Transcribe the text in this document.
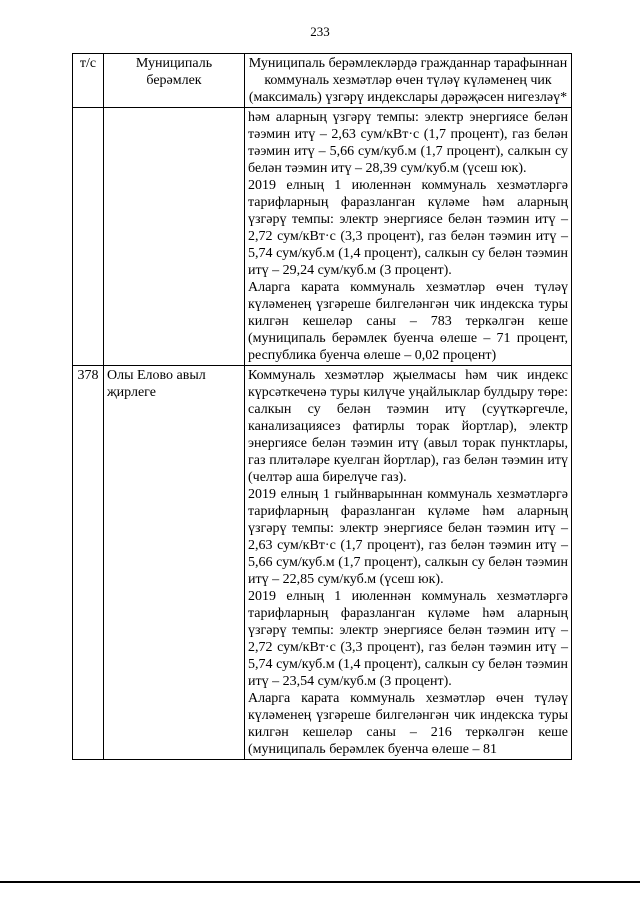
233
т/с	Муниципаль берәмлек	Муниципаль берәмлекләрдә гражданнар тарафыннан коммуналь хезмәтләр өчен түләү күләменең чик (максималь) үзгәрү индекслары дәрәҗәсен нигезләү*

		һәм аларның үзгәрү темпы: электр энергиясе белән тәэмин итү – 2,63 сум/кВт·с (1,7 процент), газ белән тәэмин итү – 5,66 сум/куб.м (1,7 процент), салкын су белән тәэмин итү – 28,39 сум/куб.м (үсеш юк).

2019 елның 1 июленнән коммуналь хезмәтләргә тарифларның фаразланган күләме һәм аларның үзгәрү темпы: электр энергиясе белән тәэмин итү – 2,72 сум/кВт·с (3,3 процент), газ белән тәэмин итү – 5,74 сум/куб.м (1,4 процент), салкын су белән тәэмин итү – 29,24 сум/куб.м (3 процент).

Аларга карата коммуналь хезмәтләр өчен түләү күләменең үзгәреше билгеләнгән чик индекска туры килгән кешеләр саны – 783 теркәлгән кеше (муниципаль берәмлек буенча өлеше – 71 процент, республика буенча өлеше – 0,02 процент)

378	Олы Елово авыл җирлеге	Коммуналь хезмәтләр җыелмасы һәм чик индекс күрсәткеченә туры килүче уңайлыклар булдыру төре: салкын су белән тәэмин итү (суүткәргечле, канализациясез фатирлы торак йортлар), электр энергиясе белән тәэмин итү (авыл торак пунктлары, газ плитәләре куелган йортлар), газ белән тәэмин итү (челтәр аша бирелүче газ).

2019 елның 1 гыйнварыннан коммуналь хезмәтләргә тарифларның фаразланган күләме һәм аларның үзгәрү темпы: электр энергиясе белән тәэмин итү – 2,63 сум/кВт·с (1,7 процент), газ белән тәэмин итү – 5,66 сум/куб.м (1,7 процент), салкын су белән тәэмин итү – 22,85 сум/куб.м (үсеш юк).

2019 елның 1 июленнән коммуналь хезмәтләргә тарифларның фаразланган күләме һәм аларның үзгәрү темпы: электр энергиясе белән тәэмин итү – 2,72 сум/кВт·с (3,3 процент), газ белән тәэмин итү – 5,74 сум/куб.м (1,4 процент), салкын су белән тәэмин итү – 23,54 сум/куб.м (3 процент).

Аларга карата коммуналь хезмәтләр өчен түләү күләменең үзгәреше билгеләнгән чик индекска туры килгән кешеләр саны – 216 теркәлгән кеше (муниципаль берәмлек буенча өлеше – 81
